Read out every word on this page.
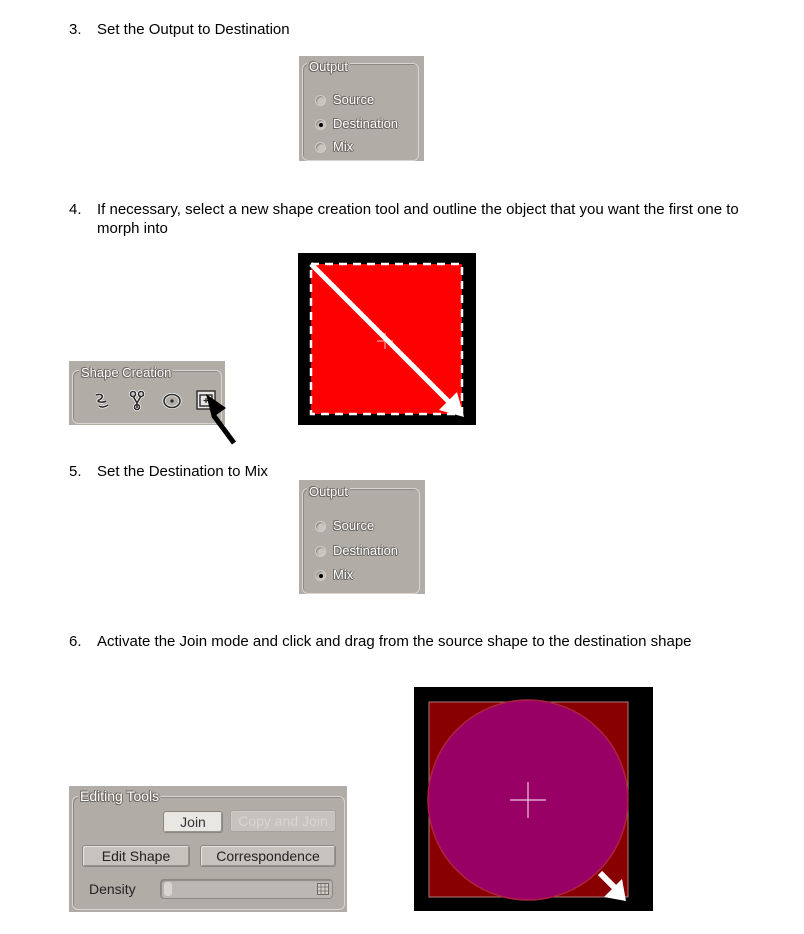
3. Set the Output to Destination
4. If necessary, select a new shape creation tool and outline the object that you want the first one to morph into
5. Set the Destination to Mix
6. Activate the Join mode and click and drag from the source shape to the destination shape
Output
Source
Destination
Mix
Shape Creation
Output
Source
Destination
Mix
Editing Tools
Join	Copy and Join
Edit Shape	Correspondence
Density
